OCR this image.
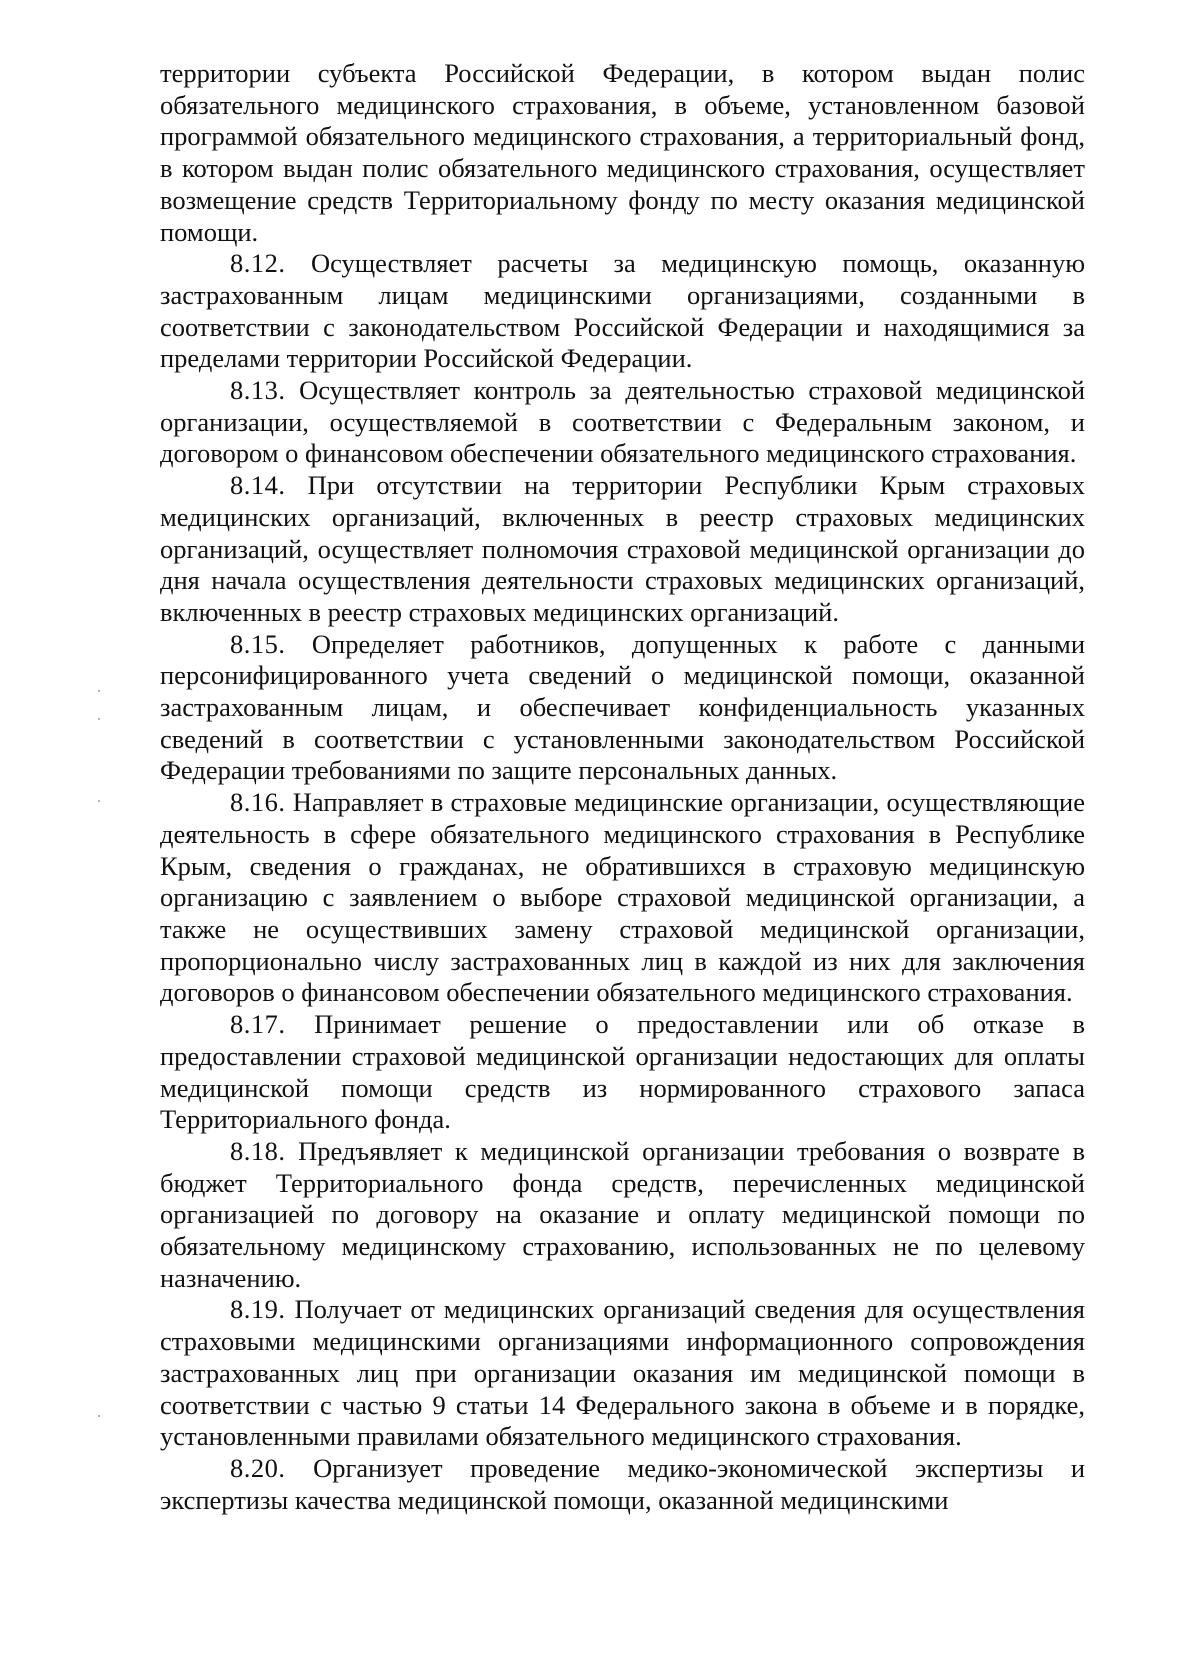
территории субъекта Российской Федерации, в котором выдан полис обязательного медицинского страхования, в объеме, установленном базовой программой обязательного медицинского страхования, а территориальный фонд, в котором выдан полис обязательного медицинского страхования, осуществляет возмещение средств Территориальному фонду по месту оказания медицинской помощи.

8.12. Осуществляет расчеты за медицинскую помощь, оказанную застрахованным лицам медицинскими организациями, созданными в соответствии с законодательством Российской Федерации и находящимися за пределами территории Российской Федерации.

8.13. Осуществляет контроль за деятельностью страховой медицинской организации, осуществляемой в соответствии с Федеральным законом, и договором о финансовом обеспечении обязательного медицинского страхования.

8.14. При отсутствии на территории Республики Крым страховых медицинских организаций, включенных в реестр страховых медицинских организаций, осуществляет полномочия страховой медицинской организации до дня начала осуществления деятельности страховых медицинских организаций, включенных в реестр страховых медицинских организаций.

8.15. Определяет работников, допущенных к работе с данными персонифицированного учета сведений о медицинской помощи, оказанной застрахованным лицам, и обеспечивает конфиденциальность указанных сведений в соответствии с установленными законодательством Российской Федерации требованиями по защите персональных данных.

8.16. Направляет в страховые медицинские организации, осуществляющие деятельность в сфере обязательного медицинского страхования в Республике Крым, сведения о гражданах, не обратившихся в страховую медицинскую организацию с заявлением о выборе страховой медицинской организации, а также не осуществивших замену страховой медицинской организации, пропорционально числу застрахованных лиц в каждой из них для заключения договоров о финансовом обеспечении обязательного медицинского страхования.

8.17. Принимает решение о предоставлении или об отказе в предоставлении страховой медицинской организации недостающих для оплаты медицинской помощи средств из нормированного страхового запаса Территориального фонда.

8.18. Предъявляет к медицинской организации требования о возврате в бюджет Территориального фонда средств, перечисленных медицинской организацией по договору на оказание и оплату медицинской помощи по обязательному медицинскому страхованию, использованных не по целевому назначению.

8.19. Получает от медицинских организаций сведения для осуществления страховыми медицинскими организациями информационного сопровождения застрахованных лиц при организации оказания им медицинской помощи в соответствии с частью 9 статьи 14 Федерального закона в объеме и в порядке, установленными правилами обязательного медицинского страхования.

8.20. Организует проведение медико-экономической экспертизы и экспертизы качества медицинской помощи, оказанной медицинскими
